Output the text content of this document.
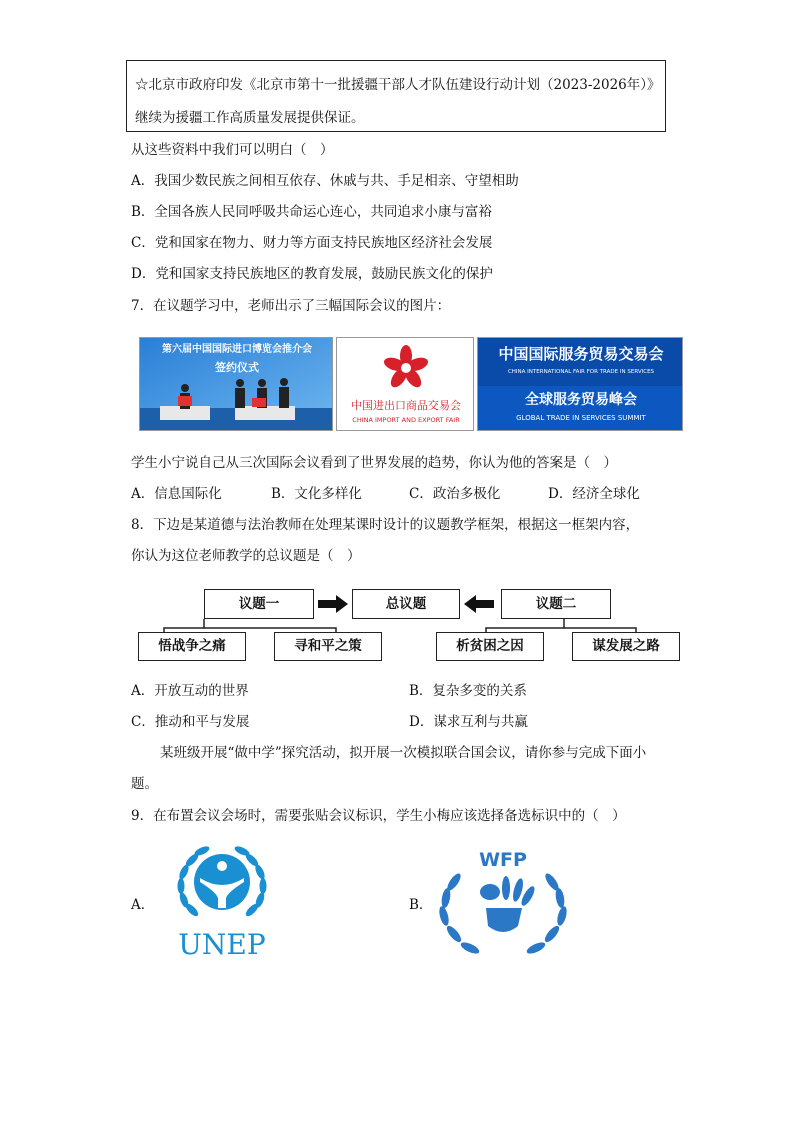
☆北京市政府印发《北京市第十一批援疆干部人才队伍建设行动计划（2023-2026年）》

继续为援疆工作高质量发展提供保证。

从这些资料中我们可以明白（　）
A．我国少数民族之间相互依存、休戚与共、手足相亲、守望相助
B．全国各族人民同呼吸共命运心连心，共同追求小康与富裕
C．党和国家在物力、财力等方面支持民族地区经济社会发展
D．党和国家支持民族地区的教育发展，鼓励民族文化的保护
7．在议题学习中，老师出示了三幅国际会议的图片：
第六届中国国际进口博览会推介会
签约仪式
中国进出口商品交易会
CHINA IMPORT AND EXPORT FAIR
中国国际服务贸易交易会
CHINA INTERNATIONAL FAIR FOR TRADE IN SERVICES
全球服务贸易峰会
GLOBAL TRADE IN SERVICES SUMMIT
学生小宁说自己从三次国际会议看到了世界发展的趋势，你认为他的答案是（　）
A．信息国际化	B．文化多样化	C．政治多极化	D．经济全球化
8．下边是某道德与法治教师在处理某课时设计的议题教学框架，根据这一框架内容，
你认为这位老师教学的总议题是（　）
议题一	总议题	议题二
悟战争之痛	寻和平之策	析贫困之因	谋发展之路
A．开放互动的世界	B．复杂多变的关系
C．推动和平与发展	D．谋求互利与共赢
某班级开展“做中学”探究活动，拟开展一次模拟联合国会议，请你参与完成下面小
题。
9．在布置会议会场时，需要张贴会议标识，学生小梅应该选择备选标识中的（　）
A．
UNEP
B．
WFP
